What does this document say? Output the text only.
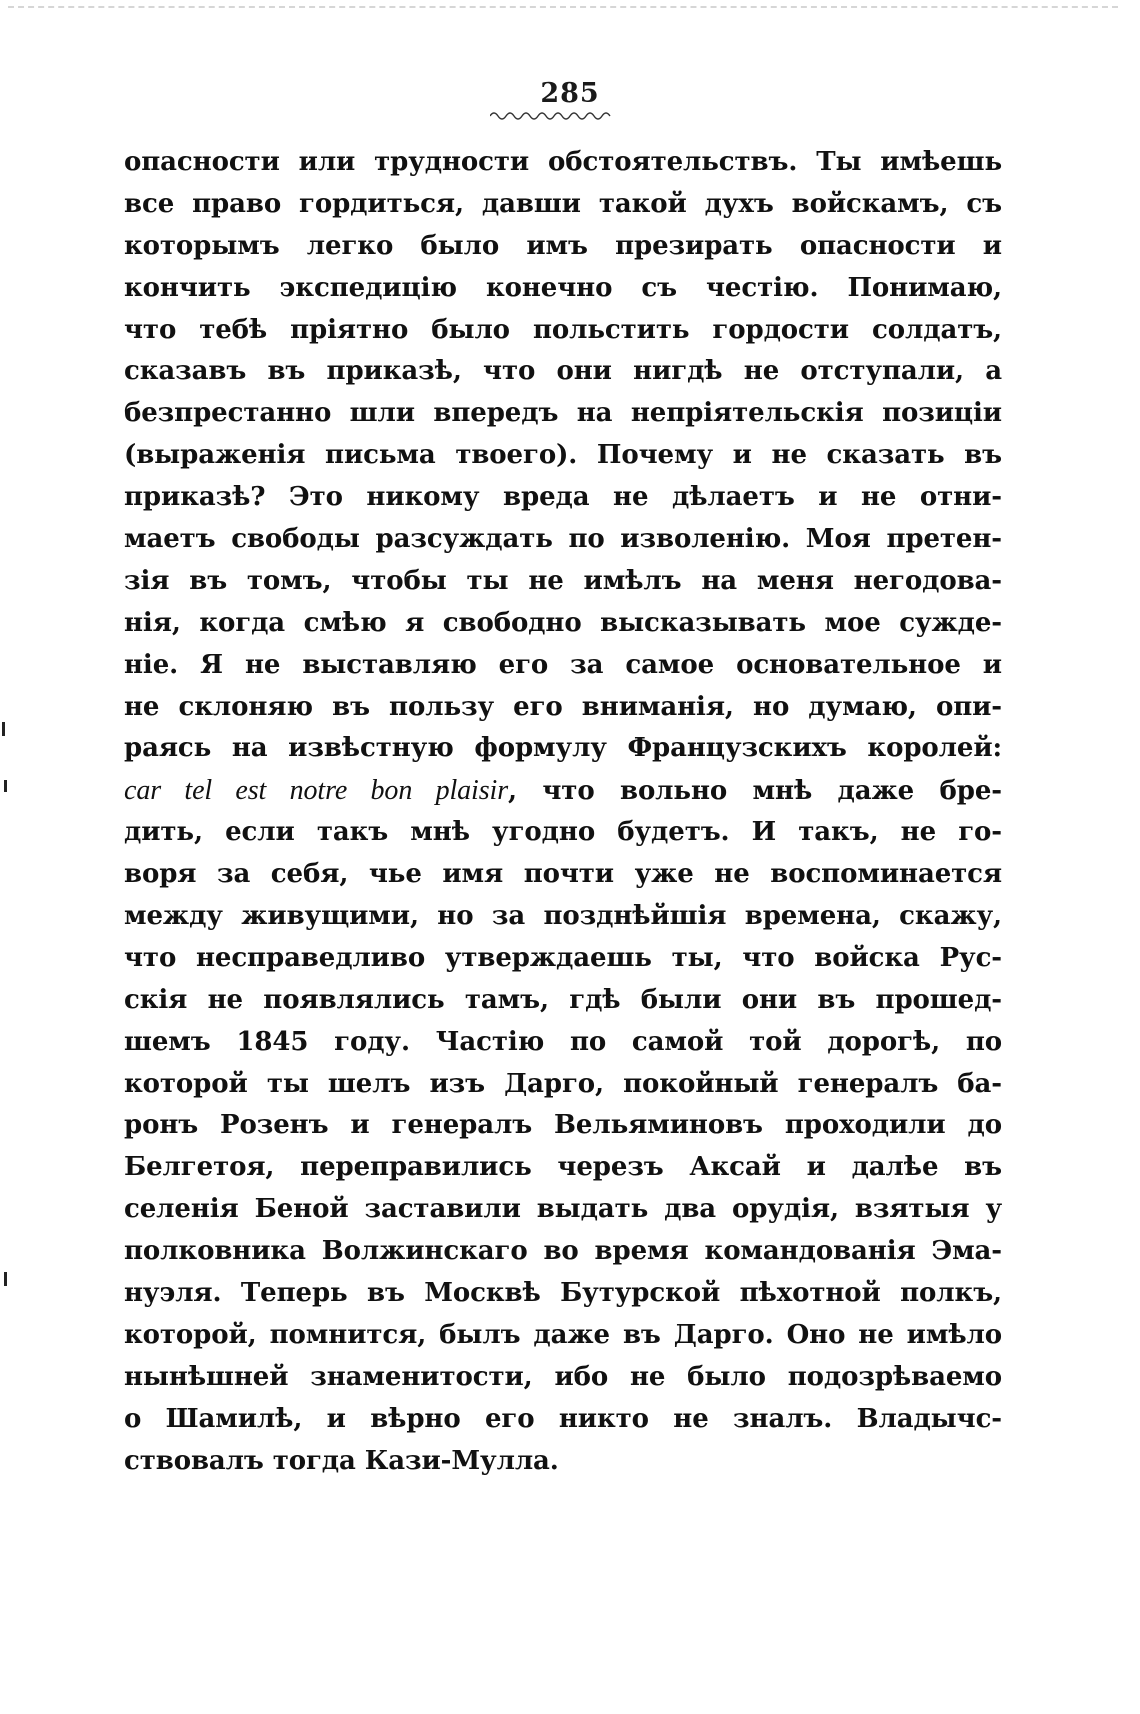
285
опасности или трудности обстоятельствъ. Ты имѣешь
все право гордиться, давши такой духъ войскамъ, съ
которымъ легко было имъ презирать опасности и
кончить экспедицію конечно съ честію. Понимаю,
что тебѣ пріятно было польстить гордости солдатъ,
сказавъ въ приказѣ, что они нигдѣ не отступали, а
безпрестанно шли впередъ на непріятельскія позиціи
(выраженія письма твоего). Почему и не сказать въ
приказѣ? Это никому вреда не дѣлаетъ и не отни-
маетъ свободы разсуждать по изволенію. Моя претен-
зія въ томъ, чтобы ты не имѣлъ на меня негодова-
нія, когда смѣю я свободно высказывать мое сужде-
ніе. Я не выставляю его за самое основательное и
не склоняю въ пользу его вниманія, но думаю, опи-
раясь на извѣстную формулу Французскихъ королей:
car tel est notre bon plaisir, что вольно мнѣ даже бре-
дить, если такъ мнѣ угодно будетъ. И такъ, не го-
воря за себя, чье имя почти уже не воспоминается
между живущими, но за позднѣйшія времена, скажу,
что несправедливо утверждаешь ты, что войска Рус-
скія не появлялись тамъ, гдѣ были они въ прошед-
шемъ 1845 году. Частію по самой той дорогѣ, по
которой ты шелъ изъ Дарго, покойный генералъ ба-
ронъ Розенъ и генералъ Вельяминовъ проходили до
Белгетоя, переправились черезъ Аксай и далѣе въ
селенія Беной заставили выдать два орудія, взятыя у
полковника Волжинскаго во время командованія Эма-
нуэля. Теперь въ Москвѣ Бутурской пѣхотной полкъ,
которой, помнится, былъ даже въ Дарго. Оно не имѣло
нынѣшней знаменитости, ибо не было подозрѣваемо
о Шамилѣ, и вѣрно его никто не зналъ. Владычс-
ствовалъ тогда Кази-Мулла.
